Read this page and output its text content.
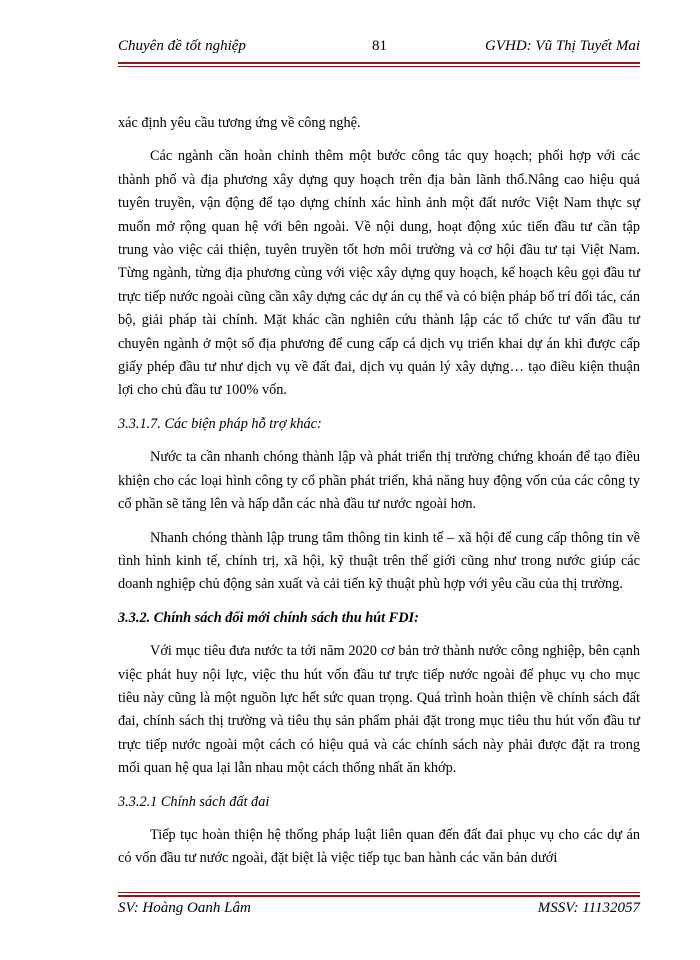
Chuyên đề tốt nghiệp	81	GVHD: Vũ Thị Tuyết Mai

xác định yêu cầu tương ứng về công nghệ.

Các ngành cần hoàn chỉnh thêm một bước công tác quy hoạch; phối hợp với các thành phố và địa phương xây dựng quy hoạch trên địa bàn lãnh thổ.Nâng cao hiệu quả tuyên truyền, vận động để tạo dựng chính xác hình ảnh một đất nước Việt Nam thực sự muốn mở rộng quan hệ với bên ngoài. Về nội dung, hoạt động xúc tiến đầu tư cần tập trung vào việc cải thiện, tuyên truyền tốt hơn môi trường và cơ hội đầu tư tại Việt Nam. Từng ngành, từng địa phương cùng với việc xây dựng quy hoạch, kế hoạch kêu gọi đầu tư trực tiếp nước ngoài cũng cần xây dựng các dự án cụ thể và có biện pháp bố trí đối tác, cán bộ, giải pháp tài chính. Mặt khác cần nghiên cứu thành lập các tổ chức tư vấn đầu tư chuyên ngành ở một số địa phương để cung cấp cá dịch vụ triển khai dự án khi được cấp giấy phép đầu tư như dịch vụ về đất đai, dịch vụ quản lý xây dựng… tạo điều kiện thuận lợi cho chủ đầu tư 100% vốn.

3.3.1.7. Các biện pháp hỗ trợ khác:

Nước ta cần nhanh chóng thành lập và phát triển thị trường chứng khoán để tạo điều khiện cho các loại hình công ty cổ phần phát triển, khả năng huy động vốn của các công ty cổ phần sẽ tăng lên và hấp dẫn các nhà đầu tư nước ngoài hơn.

Nhanh chóng thành lập trung tâm thông tin kinh tế – xã hội để cung cấp thông tin về tình hình kinh tế, chính trị, xã hội, kỹ thuật trên thế giới cũng như trong nước giúp các doanh nghiệp chủ động sản xuất và cải tiến kỹ thuật phù hợp với yêu cầu của thị trường.

3.3.2. Chính sách đổi mới chính sách thu hút FDI:

Với mục tiêu đưa nước ta tới năm 2020 cơ bản trở thành nước công nghiệp, bên cạnh việc phát huy nội lực, việc thu hút vốn đầu tư trực tiếp nước ngoài để phục vụ cho mục tiêu này cũng là một nguồn lực hết sức quan trọng. Quá trình hoàn thiện về chính sách đất đai, chính sách thị trường và tiêu thụ sản phẩm phải đặt trong mục tiêu thu hút vốn đầu tư trực tiếp nước ngoài một cách có hiệu quả và các chính sách này phải được đặt ra trong mối quan hệ qua lại lẫn nhau một cách thống nhất ăn khớp.

3.3.2.1 Chính sách đất đai

Tiếp tục hoàn thiện hệ thống pháp luật liên quan đến đất đai phục vụ cho các dự án có vốn đầu tư nước ngoài, đặt biệt là việc tiếp tục ban hành các văn bản dưới

SV: Hoàng Oanh Lâm	MSSV: 11132057
